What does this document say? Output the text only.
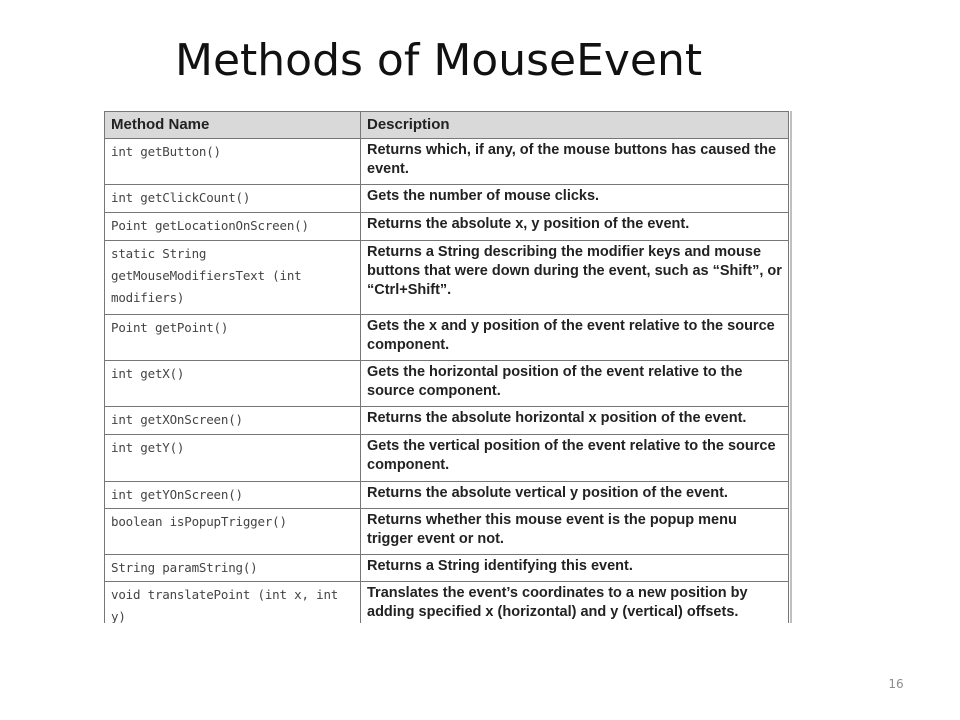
Methods of MouseEvent
Method Name	Description
int getButton()	Returns which, if any, of the mouse buttons has caused the event.
int getClickCount()	Gets the number of mouse clicks.
Point getLocationOnScreen()	Returns the absolute x, y position of the event.
static String getMouseModifiersText (int modifiers)	Returns a String describing the modifier keys and mouse buttons that were down during the event, such as “Shift”, or “Ctrl+Shift”.
Point getPoint()	Gets the x and y position of the event relative to the source component.
int getX()	Gets the horizontal position of the event relative to the source component.
int getXOnScreen()	Returns the absolute horizontal x position of the event.
int getY()	Gets the vertical position of the event relative to the source component.
int getYOnScreen()	Returns the absolute vertical y position of the event.
boolean isPopupTrigger()	Returns whether this mouse event is the popup menu trigger event or not.
String paramString()	Returns a String identifying this event.
void translatePoint (int x, int y)	Translates the event’s coordinates to a new position by adding specified x (horizontal) and y (vertical) offsets.
16
